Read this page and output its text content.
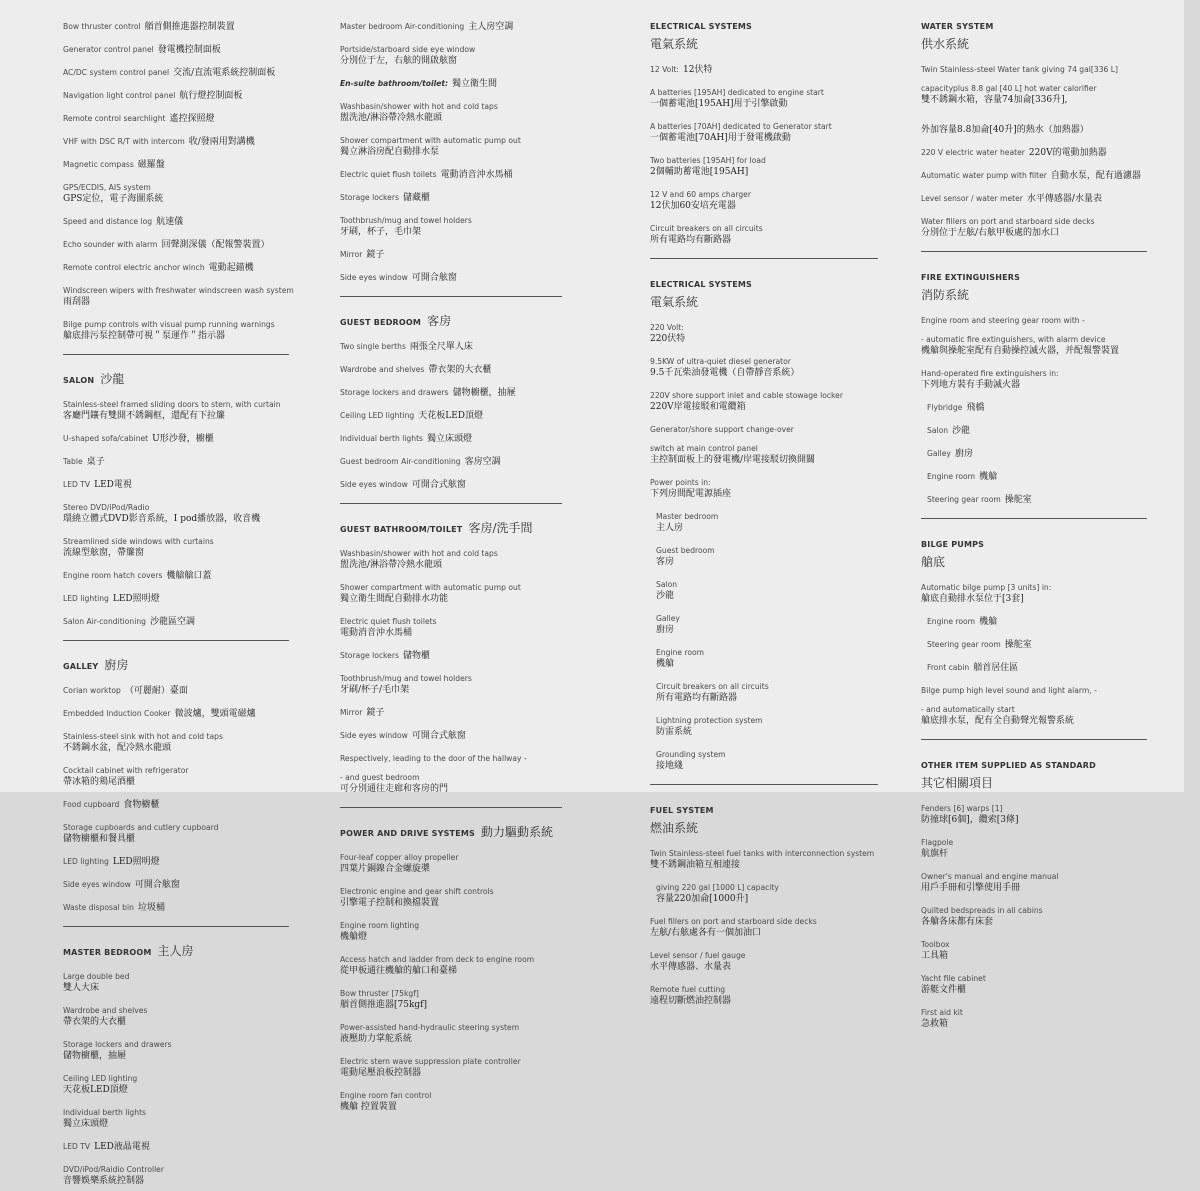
Bow thruster control 艏首側推進器控制裝置
Generator control panel 發電機控制面板
AC/DC system control panel 交流/直流電系統控制面板
Navigation light control panel 航行燈控制面板
Remote control searchlight 遙控探照燈
VHF with DSC R/T with intercom 收/發兩用對講機
Magnetic compass 磁羅盤
GPS/ECDIS, AIS system

GPS定位，電子海圖系統
Speed and distance log 航速儀
Echo sounder with alarm 回聲測深儀（配報警裝置）
Remote control electric anchor winch 電動起錨機
Windscreen wipers with freshwater windscreen wash system

雨刮器
Bilge pump controls with visual pump running warnings

艙底排污泵控制帶可視＂泵運作＂指示器
SALON 沙龍
Stainless-steel framed sliding doors to stern, with curtain

客廳門鑲有雙開不銹鋼框，還配有下拉簾
U-shaped sofa/cabinet U形沙發，櫥櫃
Table 桌子
LED TV LED電視
Stereo DVD/iPod/Radio

環繞立體式DVD影音系統，I pod播放器，收音機
Streamlined side windows with curtains

流線型舷窗，帶簾窗
Engine room hatch covers 機艙艙口蓋
LED lighting LED照明燈
Salon Air-conditioning 沙龍區空調
GALLEY 廚房
Corian worktop （可麗耐）臺面
Embedded Induction Cooker 微波爐，雙頭電磁爐
Stainless-steel sink with hot and cold taps

不銹鋼水盆，配冷熱水龍頭
Cocktail cabinet with refrigerator

帶冰箱的鶏尾酒櫃
Food cupboard 食物櫥櫃
Storage cupboards and cutlery cupboard

儲物櫥櫃和餐具櫃
LED lighting LED照明燈
Side eyes window 可開合舷窗
Waste disposal bin 垃圾桶
MASTER BEDROOM 主人房
Large double bed

雙人大床
Wardrobe and shelves

帶衣架的大衣櫃
Storage lockers and drawers

儲物櫥櫃，抽屜
Ceiling LED lighting

天花板LED頂燈
Individual berth lights

獨立床頭燈
LED TV LED液晶電視
DVD/iPod/Raidio Controller

音響娛樂系統控制器
Master bedroom Air-conditioning 主人房空調
Portside/starboard side eye window

分別位于左，右舷的開啟舷窗
En-suite bathroom/toilet: 獨立衛生間
Washbasin/shower with hot and cold taps

盥洗池/淋浴帶冷熱水龍頭
Shower compartment with automatic pump out

獨立淋浴房配自動排水泵
Electric quiet flush toilets 電動消音沖水馬桶
Storage lockers 儲藏櫃
Toothbrush/mug and towel holders

牙刷，杯子，毛巾架
Mirror 鏡子
Side eyes window 可開合舷窗
GUEST BEDROOM 客房
Two single berths 兩張全尺單人床
Wardrobe and shelves 帶衣架的大衣櫃
Storage lockers and drawers 儲物櫥櫃，抽屜
Ceiling LED lighting 天花板LED頂燈
Individual berth lights 獨立床頭燈
Guest bedroom Air-conditioning 客房空調
Side eyes window 可開合式舷窗
GUEST BATHROOM/TOILET 客房/洗手間
Washbasin/shower with hot and cold taps

盥洗池/淋浴帶冷熱水龍頭
Shower compartment with automatic pump out

獨立衛生間配自動排水功能
Electric quiet flush toilets

電動消音沖水馬桶
Storage lockers 儲物櫃
Toothbrush/mug and towel holders

牙刷/杯子/毛巾架
Mirror 鏡子
Side eyes window 可開合式舷窗
Respectively, leading to the door of the hallway -
- and guest bedroom

可分別通往走廊和客房的門
POWER AND DRIVE SYSTEMS 動力驅動系統
Four-leaf copper alloy propeller

四葉片銅鎳合金螺旋槳
Electronic engine and gear shift controls

引擎電子控制和換檔裝置
Engine room lighting

機艙燈
Access hatch and ladder from deck to engine room

從甲板通往機艙的艙口和臺梯
Bow thruster [75kgf]

艏首側推進器[75kgf]
Power-assisted hand-hydraulic steering system

液壓助力掌舵系統
Electric stern wave suppression plate controller

電動尾壓浪板控制器
Engine room fan control

機艙 控置裝置
ELECTRICAL SYSTEMS
電氣系統
12 Volt: 12伏特
A batteries [195AH] dedicated to engine start

一個蓄電池[195AH]用于引擎啟動
A batteries [70AH] dedicated to Generator start

一個蓄電池[70AH]用于發電機啟動
Two batteries [195AH] for load

2個輔助蓄電池[195AH]
12 V and 60 amps charger

12伏加60安培充電器
Circuit breakers on all circuits

所有電路均有斷路器
ELECTRICAL SYSTEMS
電氣系統
220 Volt:

220伏特
9.5KW of ultra-quiet diesel generator

9.5千瓦柴油發電機（自帶靜音系統）
220V shore support inlet and cable stowage locker

220V岸電接駁和電纜箱
Generator/shore support change-over
switch at main control panel

主控制面板上的發電機/岸電接駁切換開關
Power points in:

下列房間配電源插座
Master bedroom

主人房
Guest bedroom

客房
Salon

沙龍
Galley

廚房
Engine room

機艙
Circuit breakers on all circuits

所有電路均有斷路器
Lightning protection system

防雷系統
Grounding system

接地綫
FUEL SYSTEM
燃油系統
Twin Stainless-steel fuel tanks with interconnection system

雙不銹鋼油箱互相連接
giving 220 gal [1000 L] capacity

容量220加侖[1000升]
Fuel fillers on port and starboard side decks

左舷/右舷處各有一個加油口
Level sensor / fuel gauge

水平傳感器、水量表
Remote fuel cutting

遠程切斷燃油控制器
WATER SYSTEM
供水系統
Twin Stainless-steel Water tank giving 74 gal[336 L]
capacityplus 8.8 gal [40 L] hot water calorifier

雙不銹鋼水箱，容量74加侖[336升],

外加容量8.8加侖[40升]的熱水（加熱器）
220 V electric water heater 220V的電動加熱器
Automatic water pump with filter 自動水泵，配有過濾器
Level sensor / water meter 水平傳感器/水量表
Water fillers on port and starboard side decks

分別位于左舷/右舷甲板處的加水口
FIRE EXTINGUISHERS
消防系統
Engine room and steering gear room with -
- automatic fire extinguishers, with alarm device

機艙與操舵室配有自動操控滅火器，并配報警裝置
Hand-operated fire extinguishers in:

下列地方裝有手動滅火器
Flybridge 飛橋
Salon 沙龍
Galley 廚房
Engine room 機艙
Steering gear room 操舵室
BILGE PUMPS
艙底
Automatic bilge pump [3 units] in:

艙底自動排水泵位于[3套]
Engine room 機艙
Steering gear room 操舵室
Front cabin 艏首居住區
Bilge pump high level sound and light alarm, -
- and automatically start

艙底排水泵，配有全自動聲光報警系統
OTHER ITEM SUPPLIED AS STANDARD
其它相關項目
Fenders [6] warps [1]

防撞球[6個]，纜索[3條]
Flagpole

航旗杆
Owner's manual and engine manual

用戶手冊和引擎使用手冊
Quilted bedspreads in all cabins

各艙各床都有床套
Toolbox

工具箱
Yacht file cabinet

游艇文件櫃
First aid kit

急救箱
